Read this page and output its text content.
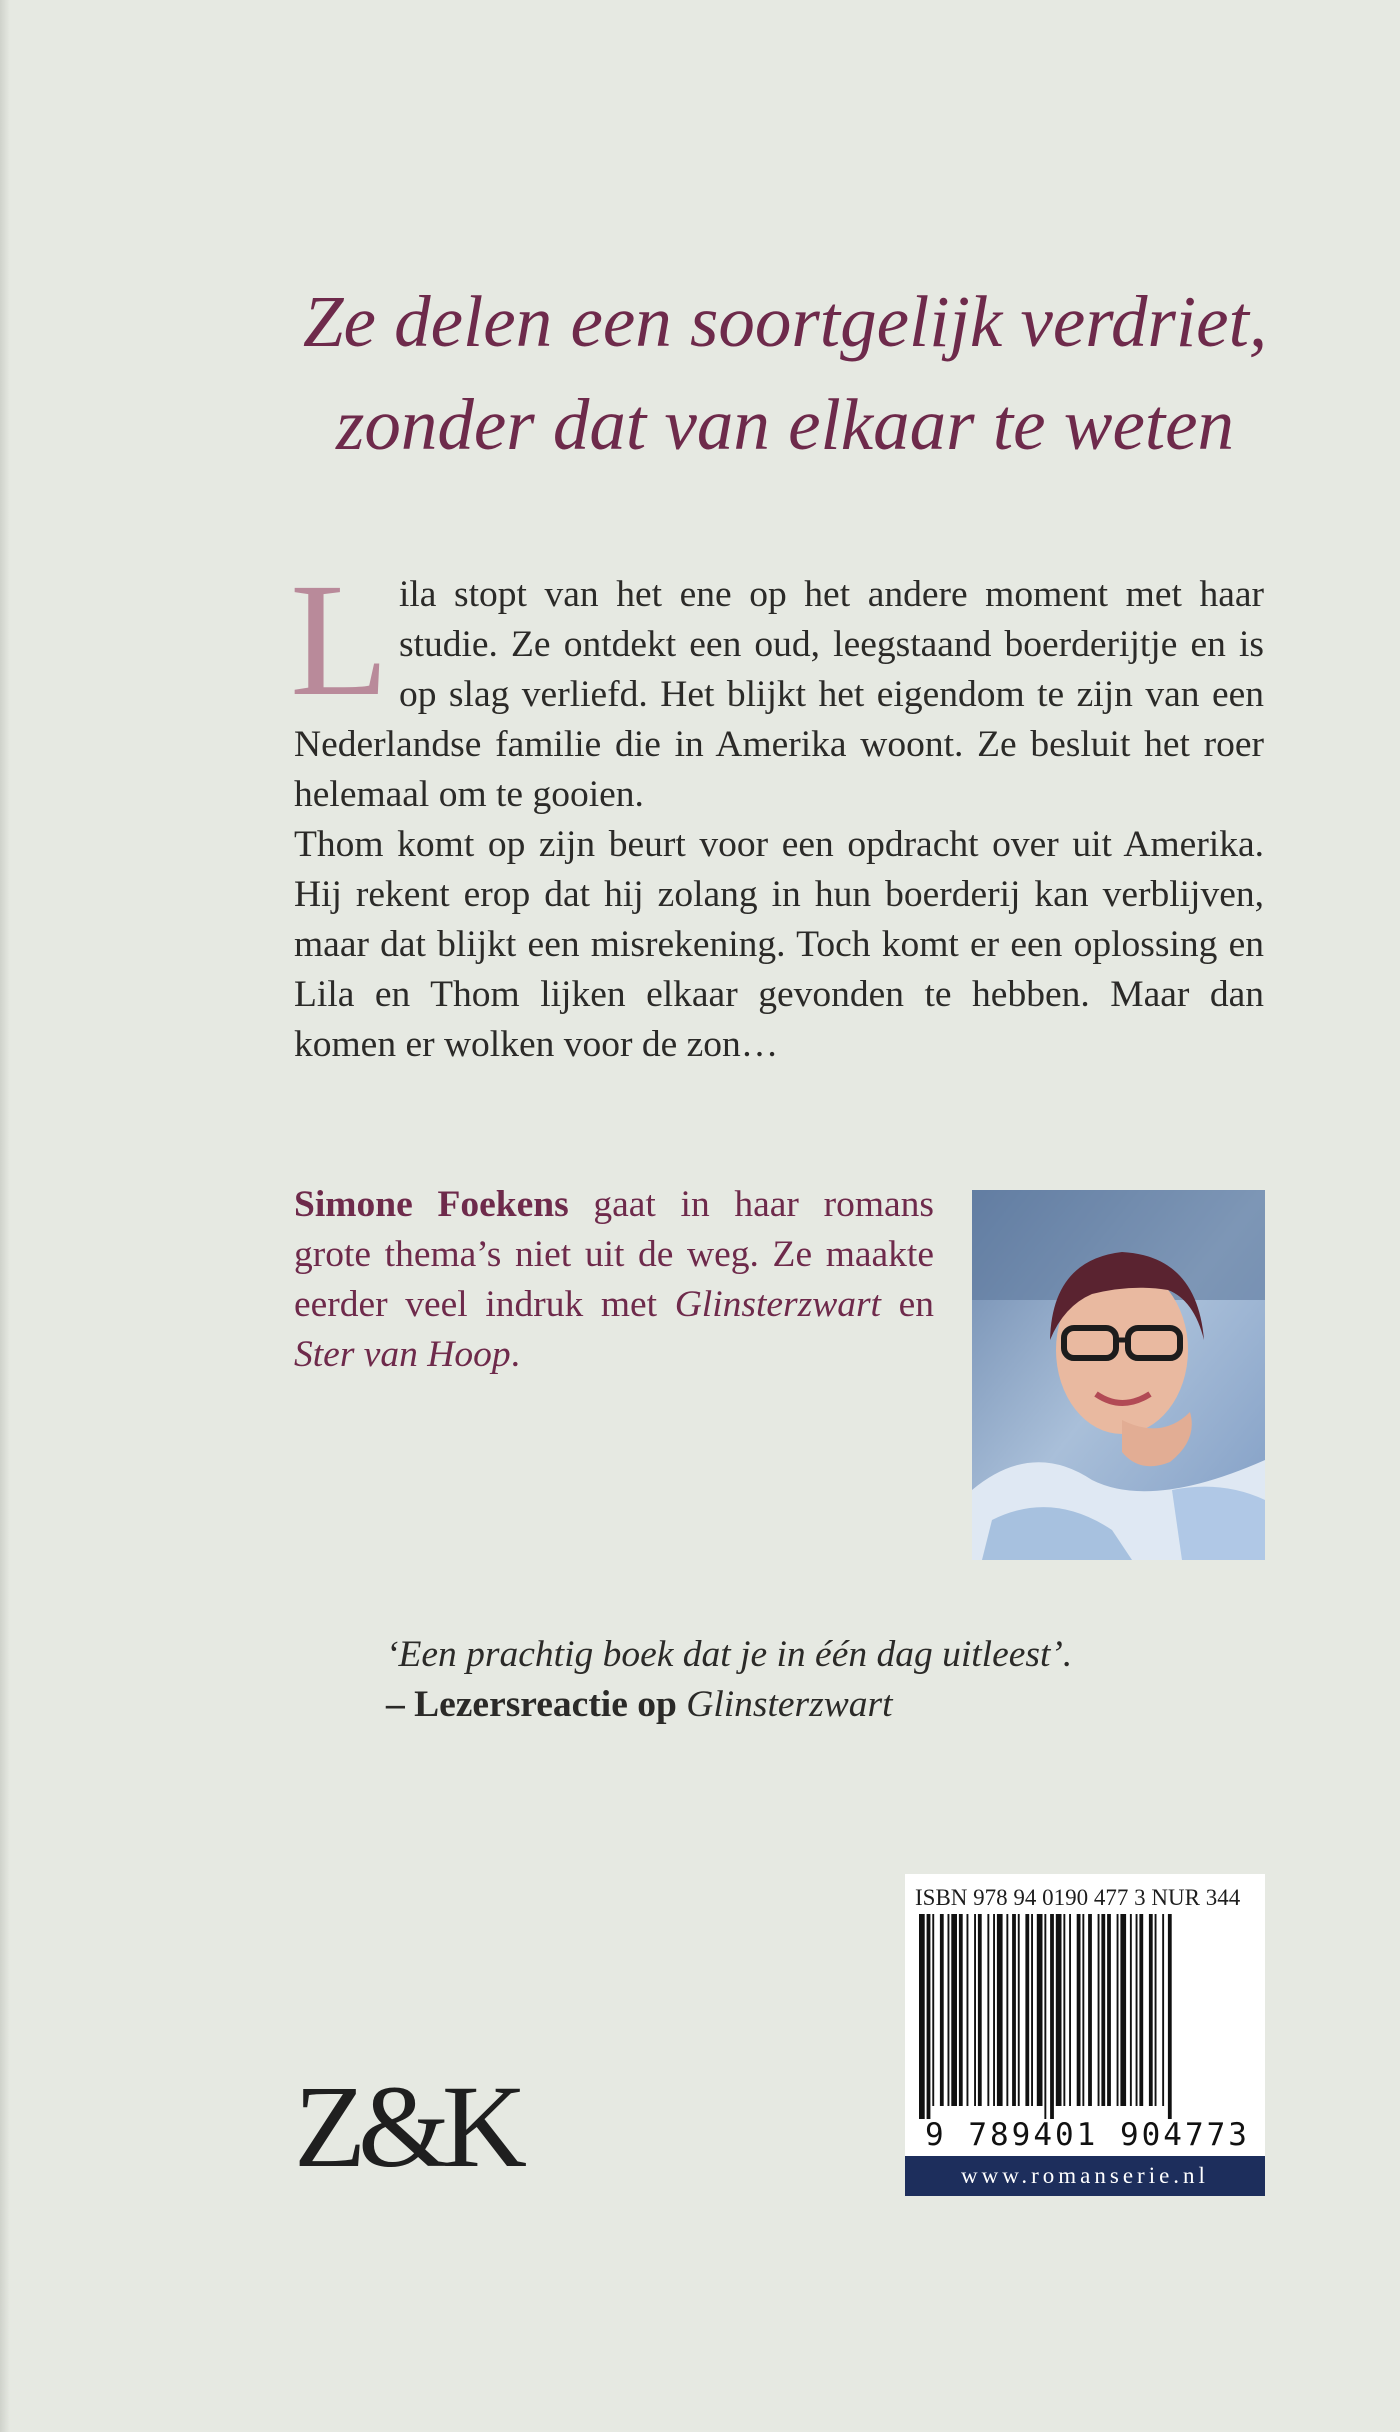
Ze delen een soortgelijk verdriet,
zonder dat van elkaar te weten

Lila stopt van het ene op het andere moment met haar studie. Ze ontdekt een oud, leegstaand boerderijtje en is op slag verliefd. Het blijkt het eigendom te zijn van een Nederlandse familie die in Amerika woont. Ze besluit het roer helemaal om te gooien.

Thom komt op zijn beurt voor een opdracht over uit Amerika. Hij rekent erop dat hij zolang in hun boerderij kan verblijven, maar dat blijkt een misrekening. Toch komt er een oplossing en Lila en Thom lijken elkaar gevonden te hebben. Maar dan komen er wolken voor de zon…

Simone Foekens gaat in haar romans grote thema’s niet uit de weg. Ze maakte eerder veel indruk met Glinsterzwart en Ster van Hoop.
‘Een prachtig boek dat je in één dag uitleest’.
– Lezersreactie op Glinsterzwart
Z&K
ISBN 978 94 0190 477 3 NUR 344
9 789401 904773
www.romanserie.nl
